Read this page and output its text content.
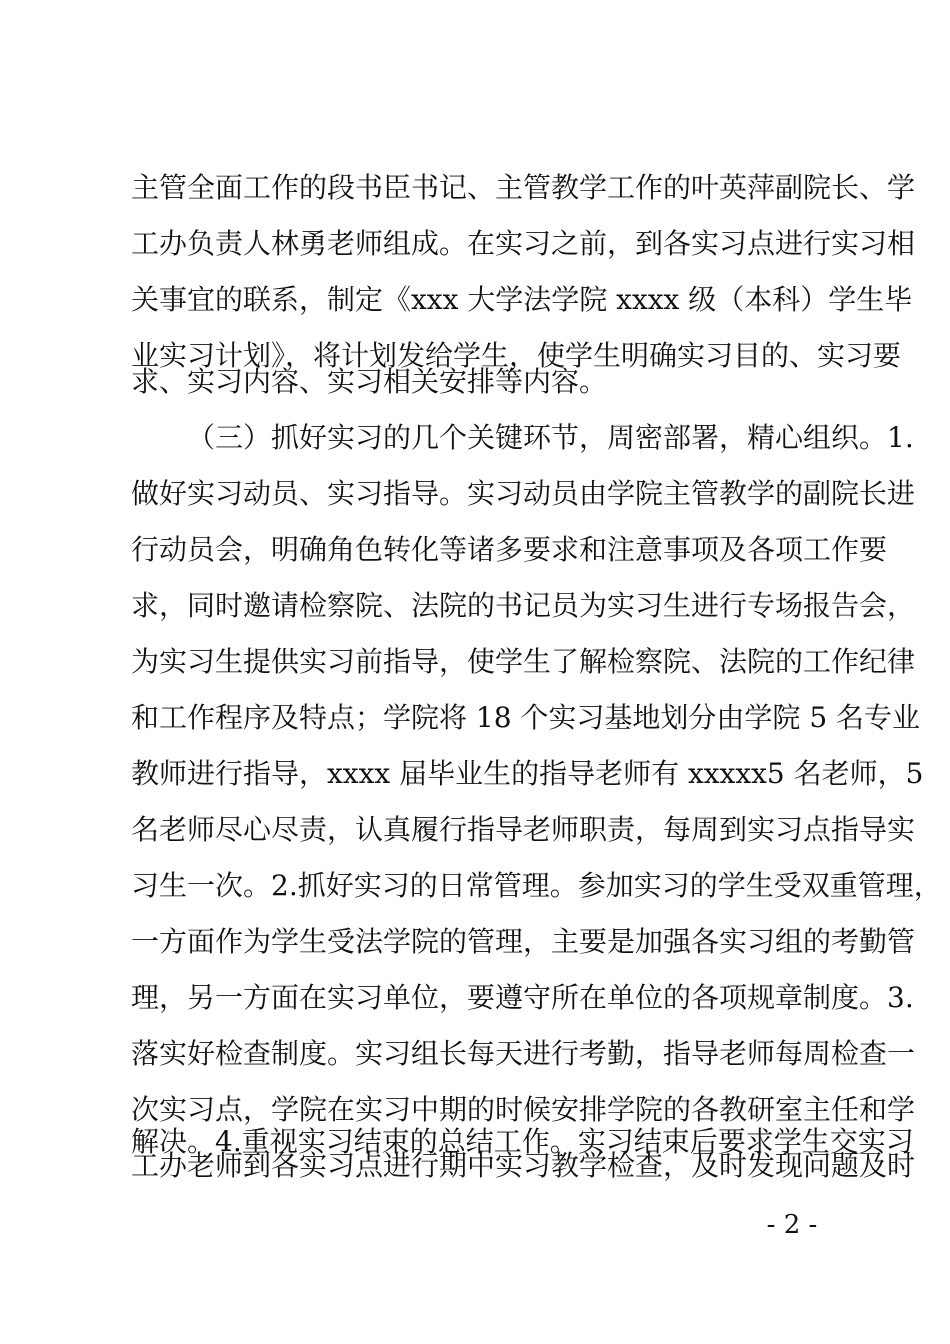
主管全面工作的段书臣书记、主管教学工作的叶英萍副院长、学
工办负责人林勇老师组成。在实习之前，到各实习点进行实习相
关事宜的联系，制定《xxx 大学法学院 xxxx 级（本科）学生毕
业实习计划》，将计划发给学生，使学生明确实习目的、实习要
求、实习内容、实习相关安排等内容。
（三）抓好实习的几个关键环节，周密部署，精心组织。1.
做好实习动员、实习指导。实习动员由学院主管教学的副院长进
行动员会，明确角色转化等诸多要求和注意事项及各项工作要
求，同时邀请检察院、法院的书记员为实习生进行专场报告会，
为实习生提供实习前指导，使学生了解检察院、法院的工作纪律
和工作程序及特点；学院将 18 个实习基地划分由学院 5 名专业
教师进行指导，xxxx 届毕业生的指导老师有 xxxxx5 名老师，5
名老师尽心尽责，认真履行指导老师职责，每周到实习点指导实
习生一次。2.抓好实习的日常管理。参加实习的学生受双重管理，
一方面作为学生受法学院的管理，主要是加强各实习组的考勤管
理，另一方面在实习单位，要遵守所在单位的各项规章制度。3.
落实好检查制度。实习组长每天进行考勤，指导老师每周检查一
次实习点，学院在实习中期的时候安排学院的各教研室主任和学
工办老师到各实习点进行期中实习教学检查，及时发现问题及时
解决。4.重视实习结束的总结工作。实习结束后要求学生交实习
- 2 -
